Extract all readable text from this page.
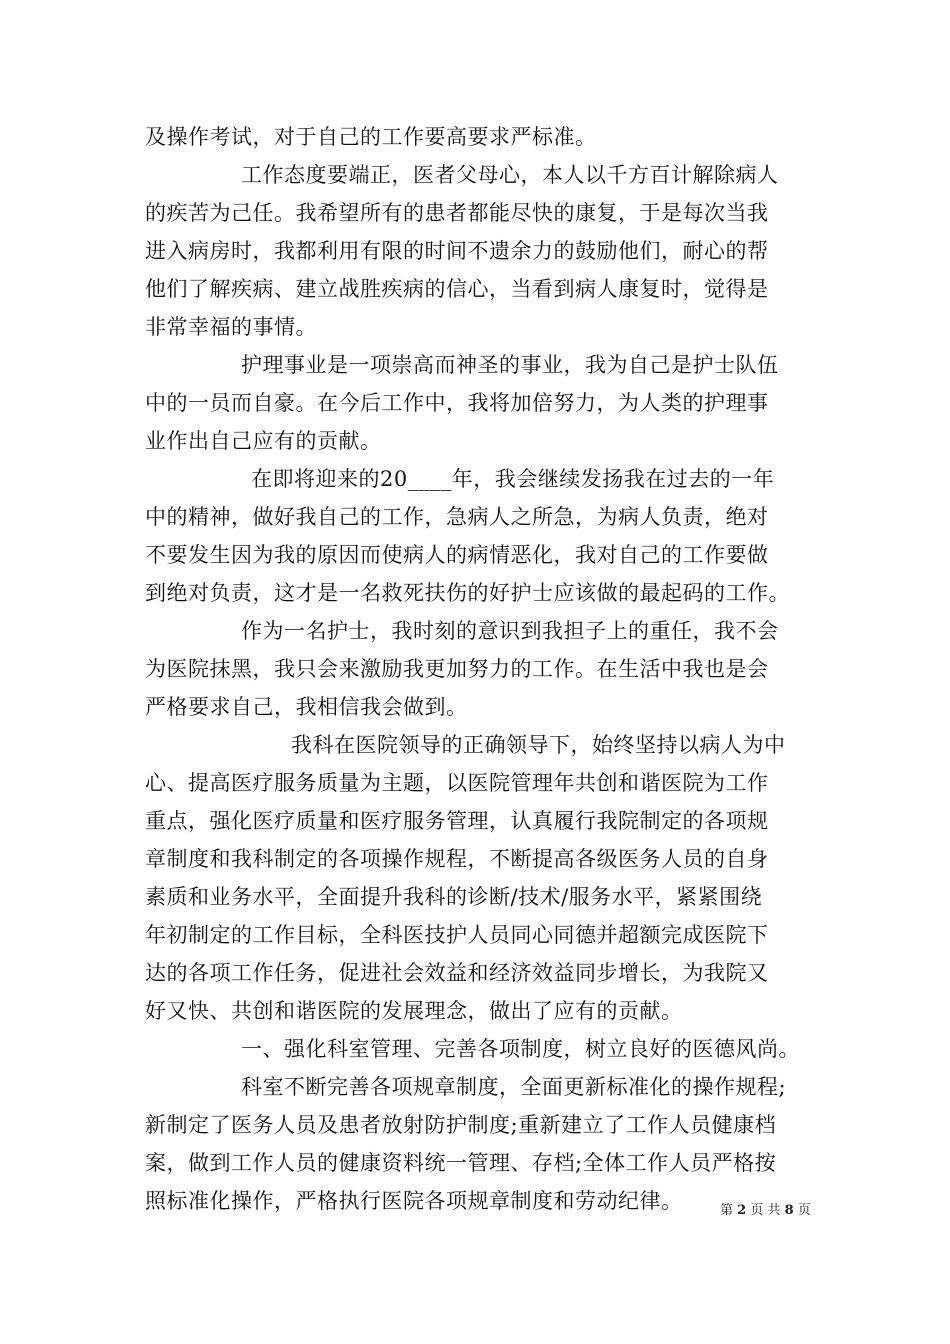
及操作考试，对于自己的工作要高要求严标准。
工作态度要端正，医者父母心，本人以千方百计解除病人
的疾苦为己任。我希望所有的患者都能尽快的康复，于是每次当我
进入病房时，我都利用有限的时间不遗余力的鼓励他们，耐心的帮
他们了解疾病、建立战胜疾病的信心，当看到病人康复时，觉得是
非常幸福的事情。
护理事业是一项崇高而神圣的事业，我为自己是护士队伍
中的一员而自豪。在今后工作中，我将加倍努力，为人类的护理事
业作出自己应有的贡献。
在即将迎来的20____年，我会继续发扬我在过去的一年
中的精神，做好我自己的工作，急病人之所急，为病人负责，绝对
不要发生因为我的原因而使病人的病情恶化，我对自己的工作要做
到绝对负责，这才是一名救死扶伤的好护士应该做的最起码的工作。
作为一名护士，我时刻的意识到我担子上的重任，我不会
为医院抹黑，我只会来激励我更加努力的工作。在生活中我也是会
严格要求自己，我相信我会做到。
我科在医院领导的正确领导下，始终坚持以病人为中
心、提高医疗服务质量为主题，以医院管理年共创和谐医院为工作
重点，强化医疗质量和医疗服务管理，认真履行我院制定的各项规
章制度和我科制定的各项操作规程，不断提高各级医务人员的自身
素质和业务水平，全面提升我科的诊断/技术/服务水平，紧紧围绕
年初制定的工作目标，全科医技护人员同心同德并超额完成医院下
达的各项工作任务，促进社会效益和经济效益同步增长，为我院又
好又快、共创和谐医院的发展理念，做出了应有的贡献。
一、强化科室管理、完善各项制度，树立良好的医德风尚。
科室不断完善各项规章制度，全面更新标准化的操作规程;
新制定了医务人员及患者放射防护制度;重新建立了工作人员健康档
案，做到工作人员的健康资料统一管理、存档;全体工作人员严格按
照标准化操作，严格执行医院各项规章制度和劳动纪律。	第 2 页 共 8 页
